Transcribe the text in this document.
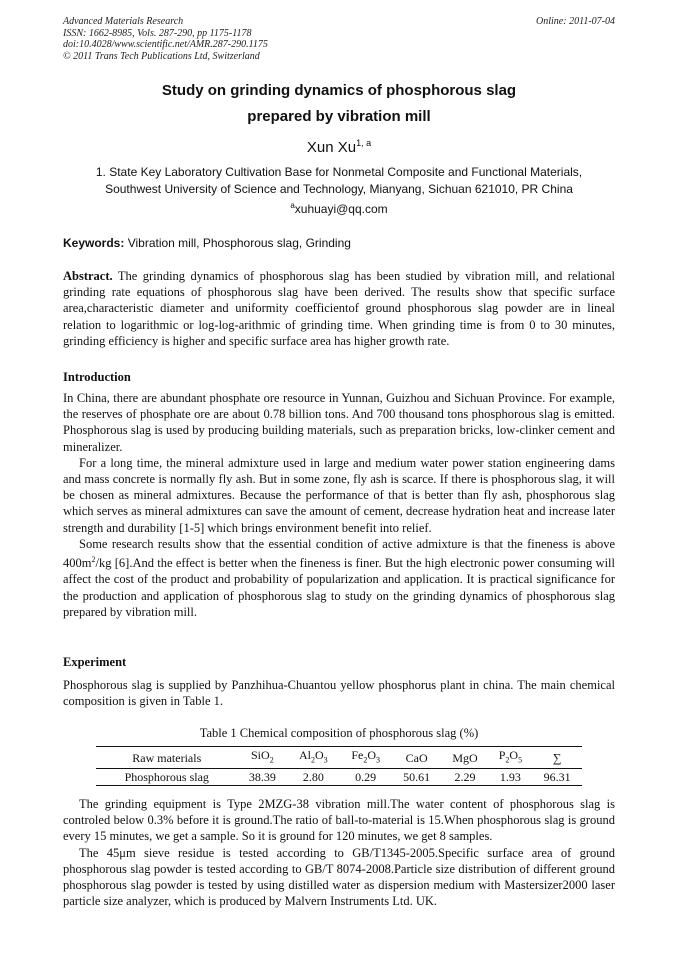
Advanced Materials Research
ISSN: 1662-8985, Vols. 287-290, pp 1175-1178
doi:10.4028/www.scientific.net/AMR.287-290.1175
© 2011 Trans Tech Publications Ltd, Switzerland
Online: 2011-07-04
Study on grinding dynamics of phosphorous slag
prepared by vibration mill
Xun Xu$^{1, a}$
1. State Key Laboratory Cultivation Base for Nonmetal Composite and Functional Materials,
Southwest University of Science and Technology, Mianyang, Sichuan 621010, PR China
$^a$xuhuayi@qq.com
Keywords: Vibration mill, Phosphorous slag, Grinding

Abstract. The grinding dynamics of phosphorous slag has been studied by vibration mill, and relational grinding rate equations of phosphorous slag have been derived. The results show that specific surface area,characteristic diameter and uniformity coefficientof ground phosphorous slag powder are in lineal relation to logarithmic or log-log-arithmic of grinding time. When grinding time is from 0 to 30 minutes, grinding efficiency is higher and specific surface area has higher growth rate.

Introduction

In China, there are abundant phosphate ore resource in Yunnan, Guizhou and Sichuan Province. For example, the reserves of phosphate ore are about 0.78 billion tons. And 700 thousand tons phosphorous slag is emitted. Phosphorous slag is used by producing building materials, such as preparation bricks, low-clinker cement and mineralizer.

For a long time, the mineral admixture used in large and medium water power station engineering dams and mass concrete is normally fly ash. But in some zone, fly ash is scarce. If there is phosphorous slag, it will be chosen as mineral admixtures. Because the performance of that is better than fly ash, phosphorous slag which serves as mineral admixtures can save the amount of cement, decrease hydration heat and increase later strength and durability [1-5] which brings environment benefit into relief.

Some research results show that the essential condition of active admixture is that the fineness is above $400m^2/kg$ [6].And the effect is better when the fineness is finer. But the high electronic power consuming will affect the cost of the product and probability of popularization and application. It is practical significance for the production and application of phosphorous slag to study on the grinding dynamics of phosphorous slag prepared by vibration mill.

Experiment

Phosphorous slag is supplied by Panzhihua-Chuantou yellow phosphorus plant in china. The main chemical composition is given in Table 1.

Table 1 Chemical composition of phosphorous slag (%)
Raw materials	SiO$_2$	$Al_2O_3$	$Fe_2O_3$	CaO	MgO	$P_2O_5$	∑
Phosphorous slag	38.39	2.80	0.29	50.61	2.29	1.93	96.31

The grinding equipment is Type 2MZG-38 vibration mill.The water content of phosphorous slag is controled below 0.3% before it is ground.The ratio of ball-to-material is 15.When phosphorous slag is ground every 15 minutes, we get a sample. So it is ground for 120 minutes, we get 8 samples.

The 45μm sieve residue is tested according to GB/T1345-2005.Specific surface area of ground phosphorous slag powder is tested according to GB/T 8074-2008.Particle size distribution of different ground phosphorous slag powder is tested by using distilled water as dispersion medium with Mastersizer2000 laser particle size analyzer, which is produced by Malvern Instruments Ltd. UK.
